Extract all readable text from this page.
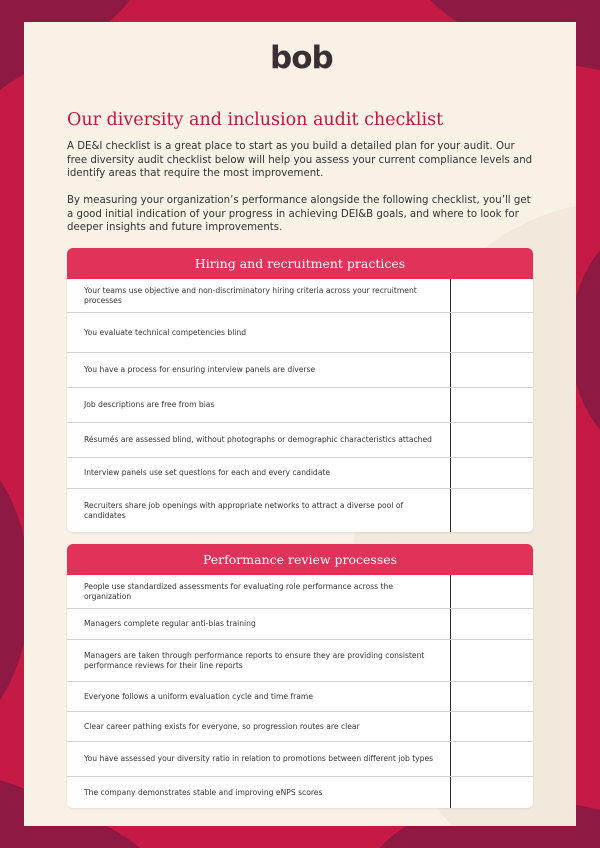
bob
Our diversity and inclusion audit checklist

A DE&I checklist is a great place to start as you build a detailed plan for your audit. Our free diversity audit checklist below will help you assess your current compliance levels and identify areas that require the most improvement.

By measuring your organization’s performance alongside the following checklist, you’ll get a good initial indication of your progress in achieving DEI&B goals, and where to look for deeper insights and future improvements.

Hiring and recruitment practices
Your teams use objective and non-discriminatory hiring criteria across your recruitment processes
You evaluate technical competencies blind
You have a process for ensuring interview panels are diverse
Job descriptions are free from bias
Résumés are assessed blind, without photographs or demographic characteristics attached
Interview panels use set questions for each and every candidate
Recruiters share job openings with appropriate networks to attract a diverse pool of candidates
Performance review processes
People use standardized assessments for evaluating role performance across the organization
Managers complete regular anti-bias training
Managers are taken through performance reports to ensure they are providing consistent performance reviews for their line reports
Everyone follows a uniform evaluation cycle and time frame
Clear career pathing exists for everyone, so progression routes are clear
You have assessed your diversity ratio in relation to promotions between different job types
The company demonstrates stable and improving eNPS scores
